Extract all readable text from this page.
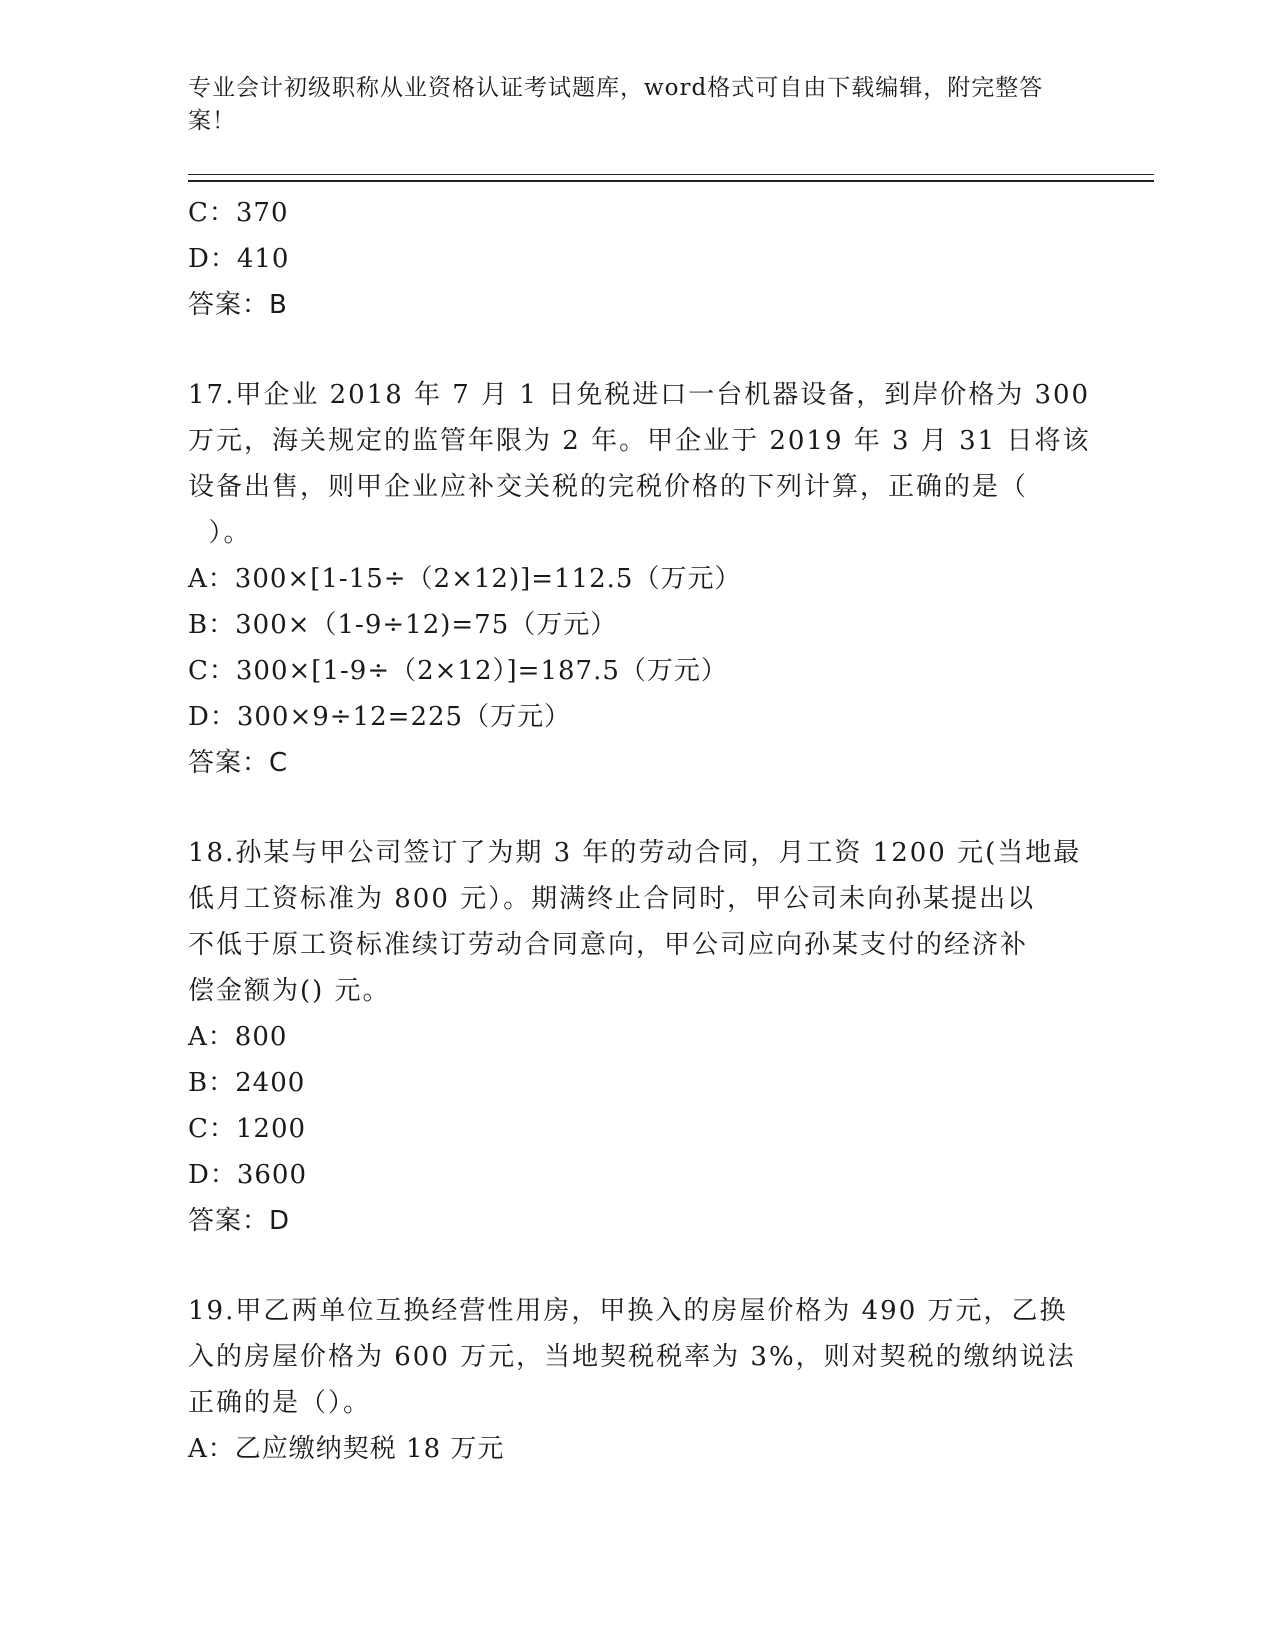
专业会计初级职称从业资格认证考试题库，word格式可自由下载编辑，附完整答
案！
C：370
D：410
答案：B
17.甲企业 2018 年 7 月 1 日免税进口一台机器设备，到岸价格为 300
万元，海关规定的监管年限为 2 年。甲企业于 2019 年 3 月 31 日将该
设备出售，则甲企业应补交关税的完税价格的下列计算，正确的是（
）。
A：300×[1-15÷（2×12)]=112.5（万元）
B：300×（1-9÷12)=75（万元）
C：300×[1-9÷（2×12）]=187.5（万元）
D：300×9÷12=225（万元）
答案：C
18.孙某与甲公司签订了为期 3 年的劳动合同，月工资 1200 元(当地最
低月工资标准为 800 元）。期满终止合同时，甲公司未向孙某提出以
不低于原工资标准续订劳动合同意向，甲公司应向孙某支付的经济补
偿金额为() 元。
A：800
B：2400
C：1200
D：3600
答案：D
19.甲乙两单位互换经营性用房，甲换入的房屋价格为 490 万元，乙换
入的房屋价格为 600 万元，当地契税税率为 3%，则对契税的缴纳说法
正确的是（）。
A：乙应缴纳契税 18 万元
